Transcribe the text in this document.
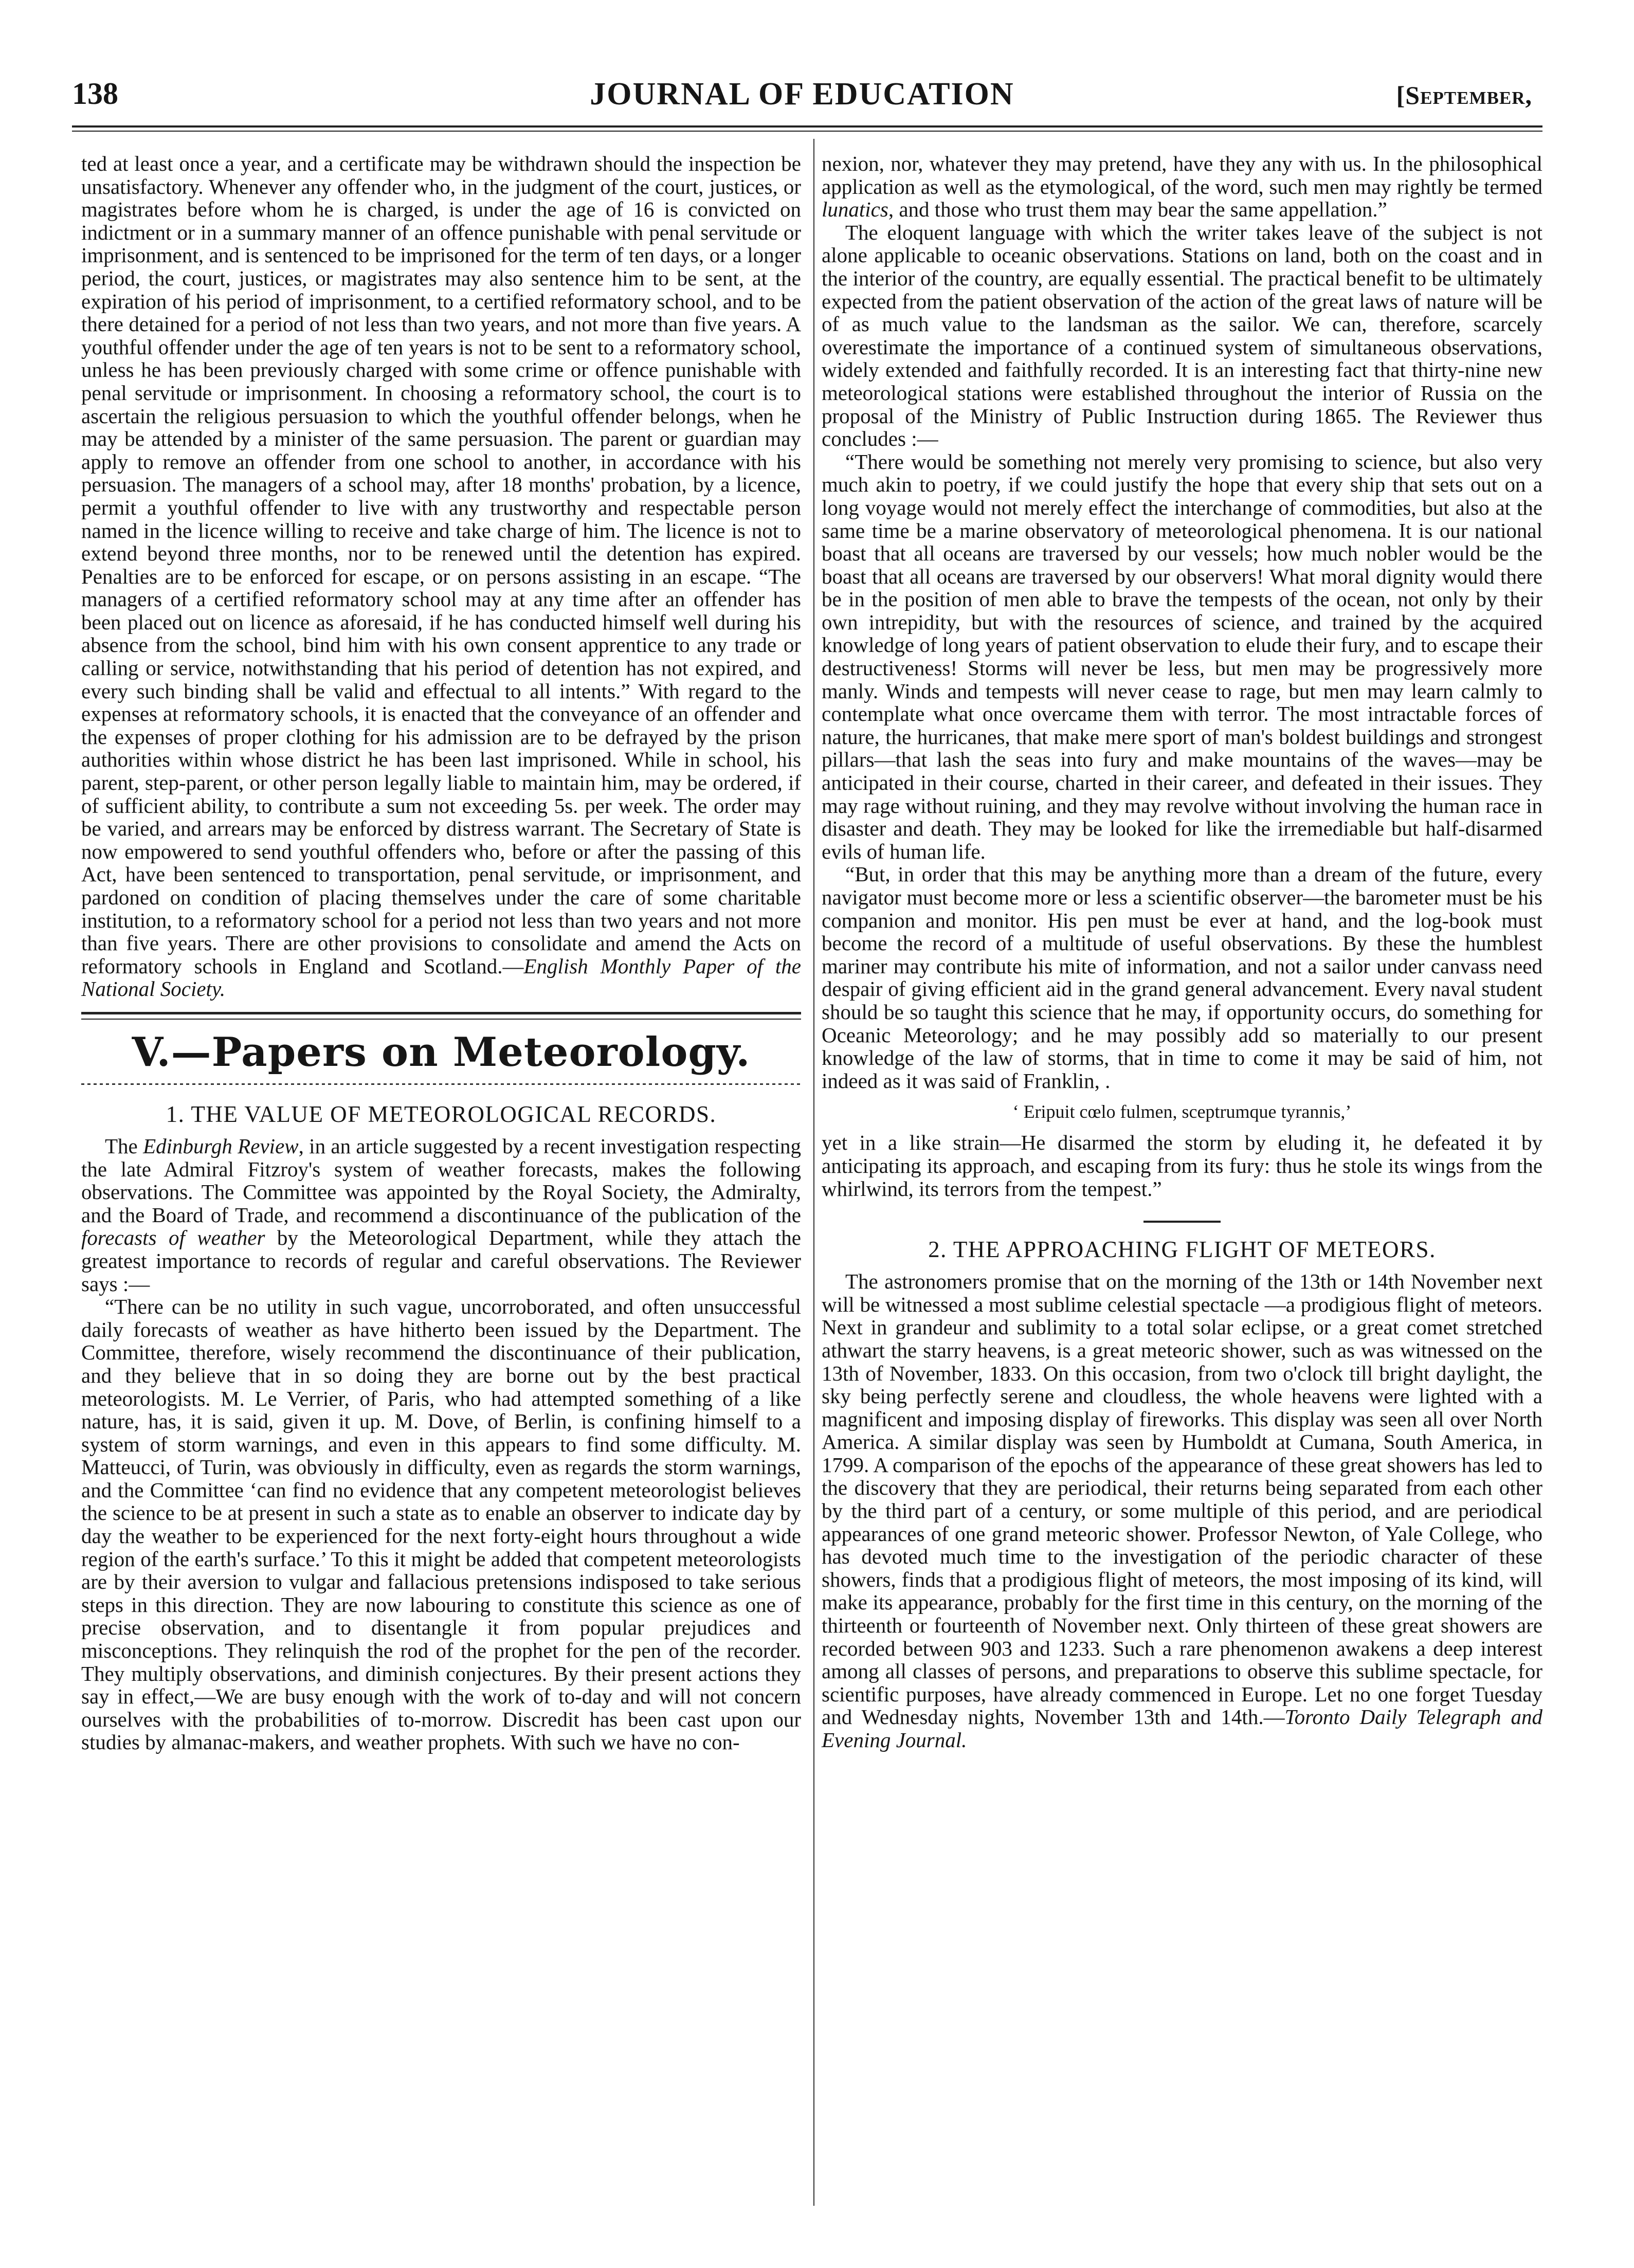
138	JOURNAL OF EDUCATION	[September,

ted at least once a year, and a certificate may be withdrawn should the inspection be unsatisfactory. Whenever any offender who, in the judgment of the court, justices, or magistrates before whom he is charged, is under the age of 16 is convicted on indictment or in a summary manner of an offence punishable with penal servitude or imprisonment, and is sentenced to be imprisoned for the term of ten days, or a longer period, the court, justices, or magistrates may also sentence him to be sent, at the expiration of his period of imprisonment, to a certified reformatory school, and to be there detained for a period of not less than two years, and not more than five years. A youthful offender under the age of ten years is not to be sent to a reformatory school, unless he has been previously charged with some crime or offence punishable with penal servitude or imprisonment. In choosing a reformatory school, the court is to ascertain the religious persuasion to which the youthful offender belongs, when he may be attended by a minister of the same persuasion. The parent or guardian may apply to remove an offender from one school to another, in accordance with his persuasion. The managers of a school may, after 18 months' probation, by a licence, permit a youthful offender to live with any trustworthy and respectable person named in the licence willing to receive and take charge of him. The licence is not to extend beyond three months, nor to be renewed until the detention has expired. Penalties are to be enforced for escape, or on persons assisting in an escape. “The managers of a certified reformatory school may at any time after an offender has been placed out on licence as aforesaid, if he has conducted himself well during his absence from the school, bind him with his own consent apprentice to any trade or calling or service, notwithstanding that his period of detention has not expired, and every such binding shall be valid and effectual to all intents.” With regard to the expenses at reformatory schools, it is enacted that the conveyance of an offender and the expenses of proper clothing for his admission are to be defrayed by the prison authorities within whose district he has been last imprisoned. While in school, his parent, step-parent, or other person legally liable to maintain him, may be ordered, if of sufficient ability, to contribute a sum not exceeding 5s. per week. The order may be varied, and arrears may be enforced by distress warrant. The Secretary of State is now empowered to send youthful offenders who, before or after the passing of this Act, have been sentenced to transportation, penal servitude, or imprisonment, and pardoned on condition of placing themselves under the care of some charitable institution, to a reformatory school for a period not less than two years and not more than five years. There are other provisions to consolidate and amend the Acts on reformatory schools in England and Scotland.—English Monthly Paper of the National Society.

V.—Papers on Meteorology.
1. THE VALUE OF METEOROLOGICAL RECORDS.

The Edinburgh Review, in an article suggested by a recent investigation respecting the late Admiral Fitzroy's system of weather forecasts, makes the following observations. The Committee was appointed by the Royal Society, the Admiralty, and the Board of Trade, and recommend a discontinuance of the publication of the forecasts of weather by the Meteorological Department, while they attach the greatest importance to records of regular and careful observations. The Reviewer says :—

“There can be no utility in such vague, uncorroborated, and often unsuccessful daily forecasts of weather as have hitherto been issued by the Department. The Committee, therefore, wisely recommend the discontinuance of their publication, and they believe that in so doing they are borne out by the best practical meteorologists. M. Le Verrier, of Paris, who had attempted something of a like nature, has, it is said, given it up. M. Dove, of Berlin, is confining himself to a system of storm warnings, and even in this appears to find some difficulty. M. Matteucci, of Turin, was obviously in difficulty, even as regards the storm warnings, and the Committee ‘can find no evidence that any competent meteorologist believes the science to be at present in such a state as to enable an observer to indicate day by day the weather to be experienced for the next forty-eight hours throughout a wide region of the earth's surface.’ To this it might be added that competent meteorologists are by their aversion to vulgar and fallacious pretensions indisposed to take serious steps in this direction. They are now labouring to constitute this science as one of precise observation, and to disentangle it from popular prejudices and misconceptions. They relinquish the rod of the prophet for the pen of the recorder. They multiply observations, and diminish conjectures. By their present actions they say in effect,—We are busy enough with the work of to-day and will not concern ourselves with the probabilities of to-morrow. Discredit has been cast upon our studies by almanac-makers, and weather prophets. With such we have no con-

nexion, nor, whatever they may pretend, have they any with us. In the philosophical application as well as the etymological, of the word, such men may rightly be termed lunatics, and those who trust them may bear the same appellation.”

The eloquent language with which the writer takes leave of the subject is not alone applicable to oceanic observations. Stations on land, both on the coast and in the interior of the country, are equally essential. The practical benefit to be ultimately expected from the patient observation of the action of the great laws of nature will be of as much value to the landsman as the sailor. We can, therefore, scarcely overestimate the importance of a continued system of simultaneous observations, widely extended and faithfully recorded. It is an interesting fact that thirty-nine new meteorological stations were established throughout the interior of Russia on the proposal of the Ministry of Public Instruction during 1865. The Reviewer thus concludes :—

“There would be something not merely very promising to science, but also very much akin to poetry, if we could justify the hope that every ship that sets out on a long voyage would not merely effect the interchange of commodities, but also at the same time be a marine observatory of meteorological phenomena. It is our national boast that all oceans are traversed by our vessels; how much nobler would be the boast that all oceans are traversed by our observers! What moral dignity would there be in the position of men able to brave the tempests of the ocean, not only by their own intrepidity, but with the resources of science, and trained by the acquired knowledge of long years of patient observation to elude their fury, and to escape their destructiveness! Storms will never be less, but men may be progressively more manly. Winds and tempests will never cease to rage, but men may learn calmly to contemplate what once overcame them with terror. The most intractable forces of nature, the hurricanes, that make mere sport of man's boldest buildings and strongest pillars—that lash the seas into fury and make mountains of the waves—may be anticipated in their course, charted in their career, and defeated in their issues. They may rage without ruining, and they may revolve without involving the human race in disaster and death. They may be looked for like the irremediable but half-disarmed evils of human life.

“But, in order that this may be anything more than a dream of the future, every navigator must become more or less a scientific observer—the barometer must be his companion and monitor. His pen must be ever at hand, and the log-book must become the record of a multitude of useful observations. By these the humblest mariner may contribute his mite of information, and not a sailor under canvass need despair of giving efficient aid in the grand general advancement. Every naval student should be so taught this science that he may, if opportunity occurs, do something for Oceanic Meteorology; and he may possibly add so materially to our present knowledge of the law of storms, that in time to come it may be said of him, not indeed as it was said of Franklin, .

‘ Eripuit cœlo fulmen, sceptrumque tyrannis,’

yet in a like strain—He disarmed the storm by eluding it, he defeated it by anticipating its approach, and escaping from its fury: thus he stole its wings from the whirlwind, its terrors from the tempest.”

2. THE APPROACHING FLIGHT OF METEORS.

The astronomers promise that on the morning of the 13th or 14th November next will be witnessed a most sublime celestial spectacle —a prodigious flight of meteors. Next in grandeur and sublimity to a total solar eclipse, or a great comet stretched athwart the starry heavens, is a great meteoric shower, such as was witnessed on the 13th of November, 1833. On this occasion, from two o'clock till bright daylight, the sky being perfectly serene and cloudless, the whole heavens were lighted with a magnificent and imposing display of fireworks. This display was seen all over North America. A similar display was seen by Humboldt at Cumana, South America, in 1799. A comparison of the epochs of the appearance of these great showers has led to the discovery that they are periodical, their returns being separated from each other by the third part of a century, or some multiple of this period, and are periodical appearances of one grand meteoric shower. Professor Newton, of Yale College, who has devoted much time to the investigation of the periodic character of these showers, finds that a prodigious flight of meteors, the most imposing of its kind, will make its appearance, probably for the first time in this century, on the morning of the thirteenth or fourteenth of November next. Only thirteen of these great showers are recorded between 903 and 1233. Such a rare phenomenon awakens a deep interest among all classes of persons, and preparations to observe this sublime spectacle, for scientific purposes, have already commenced in Europe. Let no one forget Tuesday and Wednesday nights, November 13th and 14th.—Toronto Daily Telegraph and Evening Journal.
